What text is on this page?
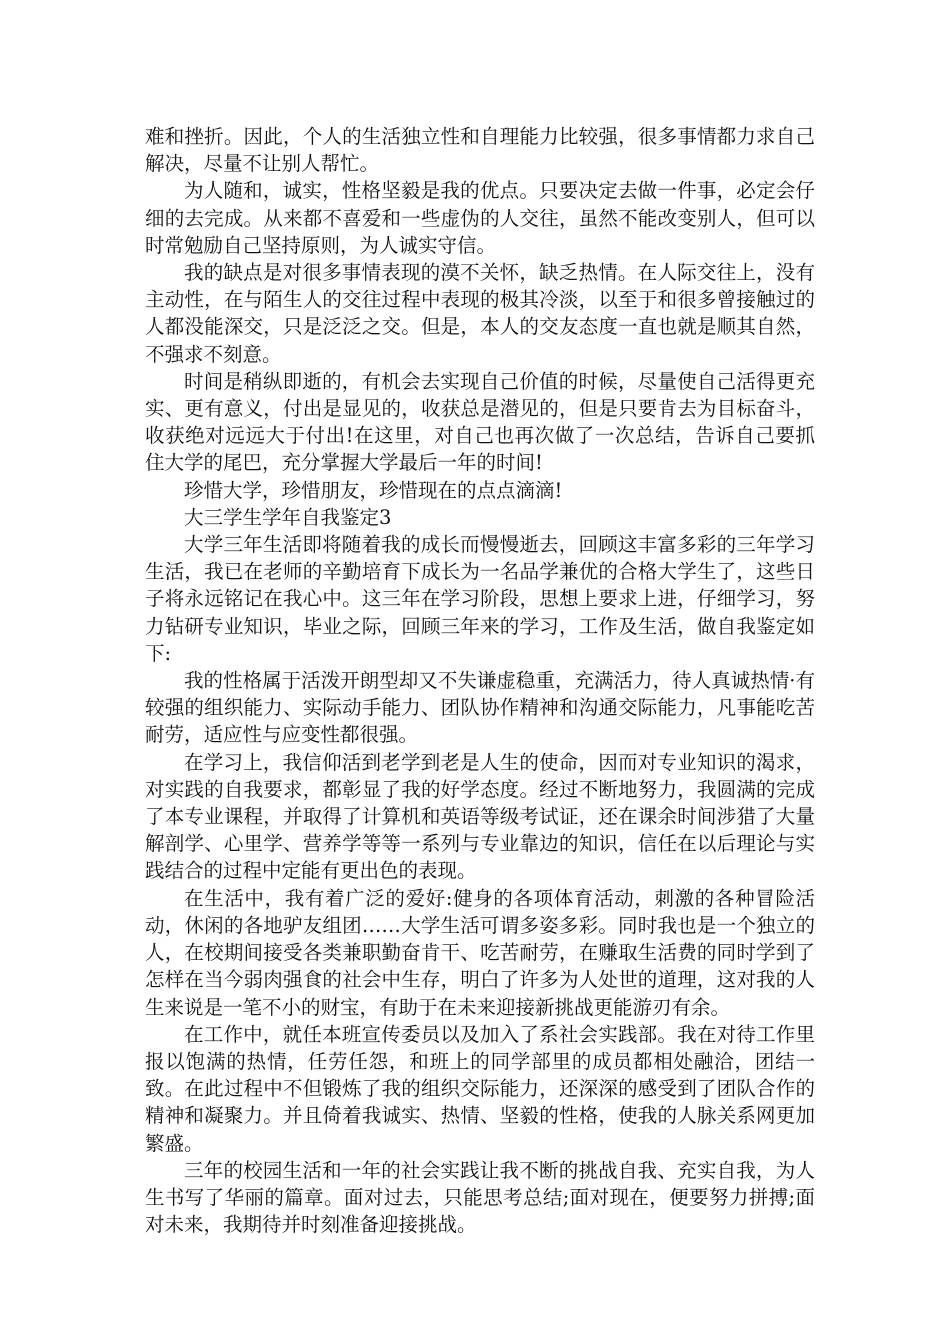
难和挫折。因此，个人的生活独立性和自理能力比较强，很多事情都力求自己解决，尽量不让别人帮忙。

为人随和，诚实，性格坚毅是我的优点。只要决定去做一件事，必定会仔细的去完成。从来都不喜爱和一些虚伪的人交往，虽然不能改变别人，但可以时常勉励自己坚持原则，为人诚实守信。

我的缺点是对很多事情表现的漠不关怀，缺乏热情。在人际交往上，没有主动性，在与陌生人的交往过程中表现的极其冷淡，以至于和很多曾接触过的人都没能深交，只是泛泛之交。但是，本人的交友态度一直也就是顺其自然，不强求不刻意。

时间是稍纵即逝的，有机会去实现自己价值的时候，尽量使自己活得更充实、更有意义，付出是显见的，收获总是潜见的，但是只要肯去为目标奋斗，收获绝对远远大于付出!在这里，对自己也再次做了一次总结，告诉自己要抓住大学的尾巴，充分掌握大学最后一年的时间!

珍惜大学，珍惜朋友，珍惜现在的点点滴滴!

大三学生学年自我鉴定3

大学三年生活即将随着我的成长而慢慢逝去，回顾这丰富多彩的三年学习生活，我已在老师的辛勤培育下成长为一名品学兼优的合格大学生了，这些日子将永远铭记在我心中。这三年在学习阶段，思想上要求上进，仔细学习，努力钻研专业知识，毕业之际，回顾三年来的学习，工作及生活，做自我鉴定如下:

我的性格属于活泼开朗型却又不失谦虚稳重，充满活力，待人真诚热情·有较强的组织能力、实际动手能力、团队协作精神和沟通交际能力，凡事能吃苦耐劳，适应性与应变性都很强。

在学习上，我信仰活到老学到老是人生的使命，因而对专业知识的渴求，对实践的自我要求，都彰显了我的好学态度。经过不断地努力，我圆满的完成了本专业课程，并取得了计算机和英语等级考试证，还在课余时间涉猎了大量解剖学、心里学、营养学等等一系列与专业靠边的知识，信任在以后理论与实践结合的过程中定能有更出色的表现。

在生活中，我有着广泛的爱好:健身的各项体育活动，刺激的各种冒险活动，休闲的各地驴友组团……大学生活可谓多姿多彩。同时我也是一个独立的人，在校期间接受各类兼职勤奋肯干、吃苦耐劳，在赚取生活费的同时学到了怎样在当今弱肉强食的社会中生存，明白了许多为人处世的道理，这对我的人生来说是一笔不小的财宝，有助于在未来迎接新挑战更能游刃有余。

在工作中，就任本班宣传委员以及加入了系社会实践部。我在对待工作里报以饱满的热情，任劳任怨，和班上的同学部里的成员都相处融洽，团结一致。在此过程中不但锻炼了我的组织交际能力，还深深的感受到了团队合作的精神和凝聚力。并且倚着我诚实、热情、坚毅的性格，使我的人脉关系网更加繁盛。

三年的校园生活和一年的社会实践让我不断的挑战自我、充实自我，为人生书写了华丽的篇章。面对过去，只能思考总结;面对现在，便要努力拼搏;面对未来，我期待并时刻准备迎接挑战。
